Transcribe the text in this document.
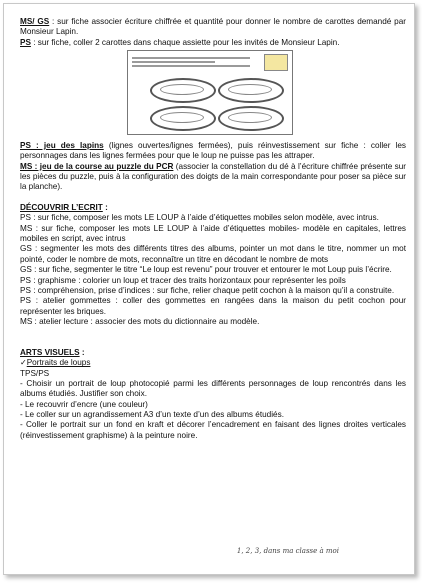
MS/ GS : sur fiche associer écriture chiffrée et quantité pour donner le nombre de carottes demandé par Monsieur Lapin.

PS : sur fiche, coller 2 carottes dans chaque assiette pour les invités de Monsieur Lapin.

PS : jeu des lapins (lignes ouvertes/lignes fermées), puis réinvestissement sur fiche : coller les personnages dans les lignes fermées pour que le loup ne puisse pas les attraper.

MS : jeu de la course au puzzle du PCR (associer la constellation du dé à l’écriture chiffrée présente sur les pièces du puzzle, puis à la configuration des doigts de la main correspondante pour poser sa pièce sur la planche).

DÉCOUVRIR L’ECRIT :

PS : sur fiche, composer les mots LE LOUP à l’aide d’étiquettes mobiles selon modèle, avec intrus.

MS : sur fiche, composer les mots LE LOUP à l’aide d’étiquettes mobiles- modèle en capitales, lettres mobiles en script, avec intrus

GS : segmenter les mots des différents titres des albums, pointer un mot dans le titre, nommer un mot pointé, coder le nombre de mots, reconnaître un titre en décodant le nombre de mots

GS : sur fiche, segmenter le titre “Le loup est revenu” pour trouver et entourer le mot Loup puis l’écrire.

PS : graphisme : colorier un loup et tracer des traits horizontaux pour représenter les poils

PS : compréhension, prise d’indices : sur fiche, relier chaque petit cochon à la maison qu’il a construite.

PS : atelier gommettes : coller des gommettes en rangées dans la maison du petit cochon pour représenter les briques.

MS : atelier lecture : associer des mots du dictionnaire au modèle.

ARTS VISUELS :

✓Portraits de loups

TPS/PS

- Choisir un portrait de loup photocopié parmi les différents personnages de loup rencontrés dans les albums étudiés. Justifier son choix.

- Le recouvrir d’encre (une couleur)

- Le coller sur un agrandissement A3 d’un texte d’un des albums étudiés.

- Coller le portrait sur un fond en kraft et décorer l’encadrement en faisant des lignes droites verticales (réinvestissement graphisme) à la peinture noire.

1, 2, 3, dans ma classe à moi
